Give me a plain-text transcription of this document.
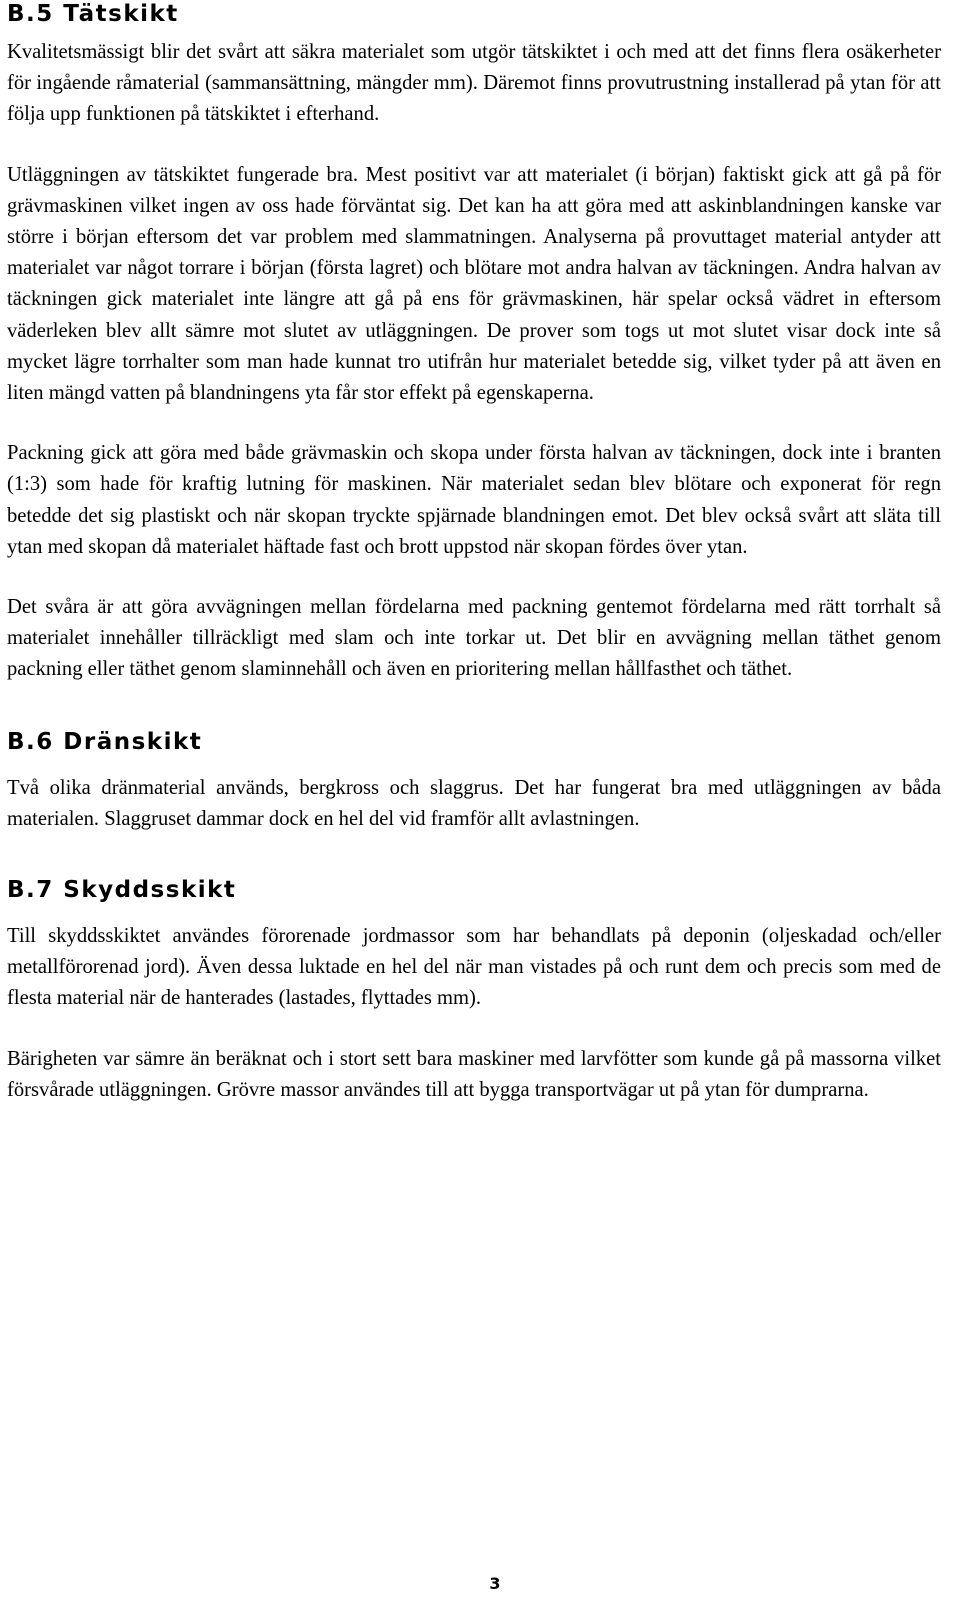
B.5 Tätskikt

Kvalitetsmässigt blir det svårt att säkra materialet som utgör tätskiktet i och med att det finns flera osäkerheter för ingående råmaterial (sammansättning, mängder mm). Däremot finns provutrustning installerad på ytan för att följa upp funktionen på tätskiktet i efterhand.

Utläggningen av tätskiktet fungerade bra. Mest positivt var att materialet (i början) faktiskt gick att gå på för grävmaskinen vilket ingen av oss hade förväntat sig. Det kan ha att göra med att askinblandningen kanske var större i början eftersom det var problem med slammatningen. Analyserna på provuttaget material antyder att materialet var något torrare i början (första lagret) och blötare mot andra halvan av täckningen. Andra halvan av täckningen gick materialet inte längre att gå på ens för grävmaskinen, här spelar också vädret in eftersom väderleken blev allt sämre mot slutet av utläggningen. De prover som togs ut mot slutet visar dock inte så mycket lägre torrhalter som man hade kunnat tro utifrån hur materialet betedde sig, vilket tyder på att även en liten mängd vatten på blandningens yta får stor effekt på egenskaperna.

Packning gick att göra med både grävmaskin och skopa under första halvan av täckningen, dock inte i branten (1:3) som hade för kraftig lutning för maskinen. När materialet sedan blev blötare och exponerat för regn betedde det sig plastiskt och när skopan tryckte spjärnade blandningen emot. Det blev också svårt att släta till ytan med skopan då materialet häftade fast och brott uppstod när skopan fördes över ytan.

Det svåra är att göra avvägningen mellan fördelarna med packning gentemot fördelarna med rätt torrhalt så materialet innehåller tillräckligt med slam och inte torkar ut. Det blir en avvägning mellan täthet genom packning eller täthet genom slaminnehåll och även en prioritering mellan hållfasthet och täthet.

B.6 Dränskikt

Två olika dränmaterial används, bergkross och slaggrus. Det har fungerat bra med utläggningen av båda materialen. Slaggruset dammar dock en hel del vid framför allt avlastningen.

B.7 Skyddsskikt

Till skyddsskiktet användes förorenade jordmassor som har behandlats på deponin (oljeskadad och/eller metallförorenad jord). Även dessa luktade en hel del när man vistades på och runt dem och precis som med de flesta material när de hanterades (lastades, flyttades mm).

Bärigheten var sämre än beräknat och i stort sett bara maskiner med larvfötter som kunde gå på massorna vilket försvårade utläggningen. Grövre massor användes till att bygga transportvägar ut på ytan för dumprarna.

3
